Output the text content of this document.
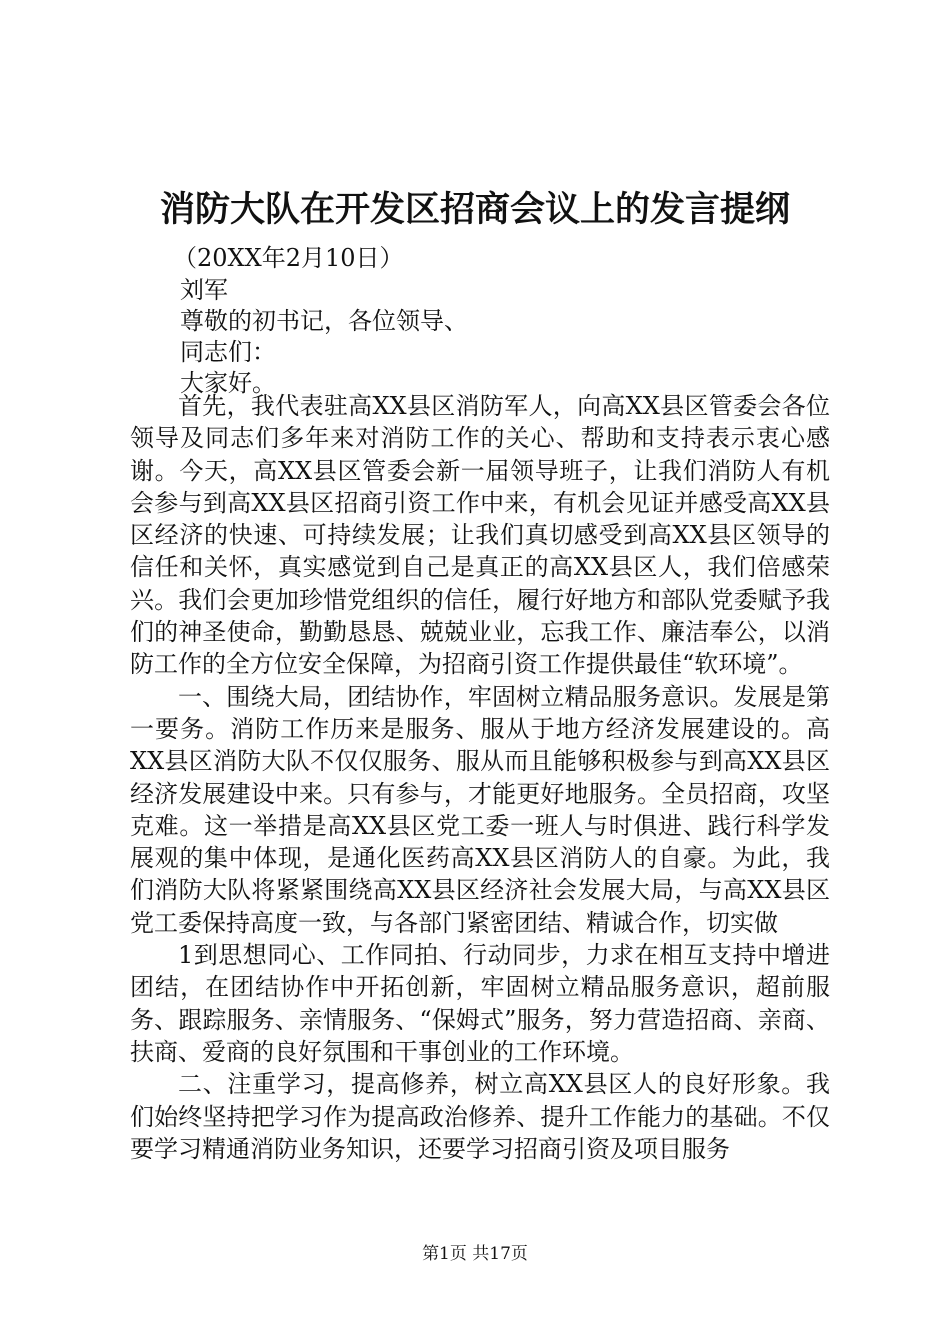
消防大队在开发区招商会议上的发言提纲
（20XX年2月10日）
刘军
尊敬的初书记，各位领导、
同志们：
大家好。

首先，我代表驻高XX县区消防军人，向高XX县区管委会各位领导及同志们多年来对消防工作的关心、帮助和支持表示衷心感谢。今天，高XX县区管委会新一届领导班子，让我们消防人有机会参与到高XX县区招商引资工作中来，有机会见证并感受高XX县区经济的快速、可持续发展；让我们真切感受到高XX县区领导的信任和关怀，真实感觉到自己是真正的高XX县区人，我们倍感荣兴。我们会更加珍惜党组织的信任，履行好地方和部队党委赋予我们的神圣使命，勤勤恳恳、兢兢业业，忘我工作、廉洁奉公，以消防工作的全方位安全保障，为招商引资工作提供最佳“软环境”。

一、围绕大局，团结协作，牢固树立精品服务意识。发展是第一要务。消防工作历来是服务、服从于地方经济发展建设的。高XX县区消防大队不仅仅服务、服从而且能够积极参与到高XX县区经济发展建设中来。只有参与，才能更好地服务。全员招商，攻坚克难。这一举措是高XX县区党工委一班人与时俱进、践行科学发展观的集中体现，是通化医药高XX县区消防人的自豪。为此，我们消防大队将紧紧围绕高XX县区经济社会发展大局，与高XX县区党工委保持高度一致，与各部门紧密团结、精诚合作，切实做

1到思想同心、工作同拍、行动同步，力求在相互支持中增进团结，在团结协作中开拓创新，牢固树立精品服务意识，超前服务、跟踪服务、亲情服务、“保姆式”服务，努力营造招商、亲商、扶商、爱商的良好氛围和干事创业的工作环境。

二、注重学习，提高修养，树立高XX县区人的良好形象。我们始终坚持把学习作为提高政治修养、提升工作能力的基础。不仅要学习精通消防业务知识，还要学习招商引资及项目服务

第1页 共17页
